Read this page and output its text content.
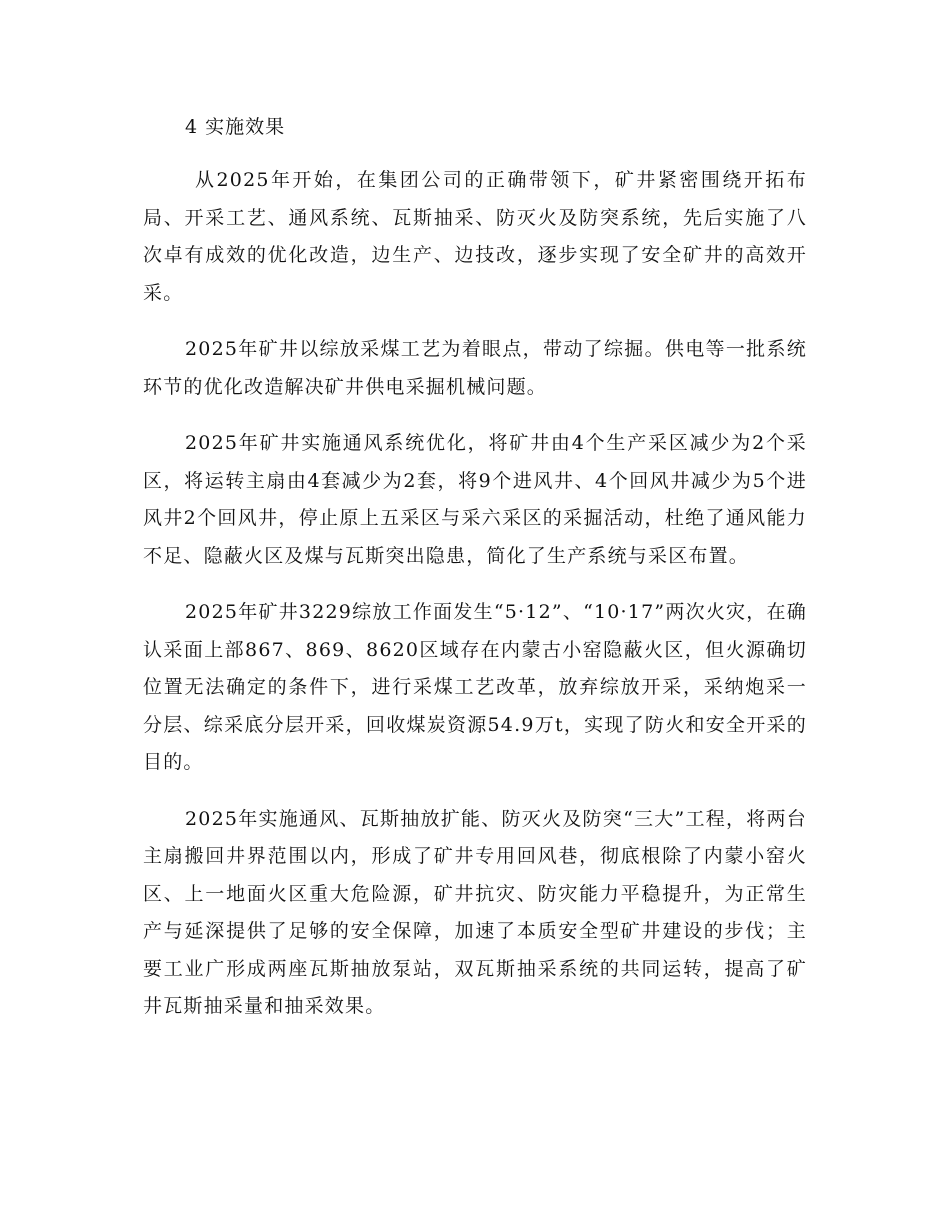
4 实施效果

从2025年开始，在集团公司的正确带领下，矿井紧密围绕开拓布局、开采工艺、通风系统、瓦斯抽采、防灭火及防突系统，先后实施了八次卓有成效的优化改造，边生产、边技改，逐步实现了安全矿井的高效开采。

2025年矿井以综放采煤工艺为着眼点，带动了综掘。供电等一批系统环节的优化改造解决矿井供电采掘机械问题。

2025年矿井实施通风系统优化，将矿井由4个生产采区减少为2个采区，将运转主扇由4套减少为2套，将9个进风井、4个回风井减少为5个进风井2个回风井，停止原上五采区与采六采区的采掘活动，杜绝了通风能力不足、隐蔽火区及煤与瓦斯突出隐患，简化了生产系统与采区布置。

2025年矿井3229综放工作面发生“5·12”、“10·17”两次火灾，在确认采面上部867、869、8620区域存在内蒙古小窑隐蔽火区，但火源确切位置无法确定的条件下，进行采煤工艺改革，放弃综放开采，采纳炮采一分层、综采底分层开采，回收煤炭资源54.9万t，实现了防火和安全开采的目的。

2025年实施通风、瓦斯抽放扩能、防灭火及防突“三大”工程，将两台主扇搬回井界范围以内，形成了矿井专用回风巷，彻底根除了内蒙小窑火区、上一地面火区重大危险源，矿井抗灾、防灾能力平稳提升，为正常生产与延深提供了足够的安全保障，加速了本质安全型矿井建设的步伐；主要工业广形成两座瓦斯抽放泵站，双瓦斯抽采系统的共同运转，提高了矿井瓦斯抽采量和抽采效果。
